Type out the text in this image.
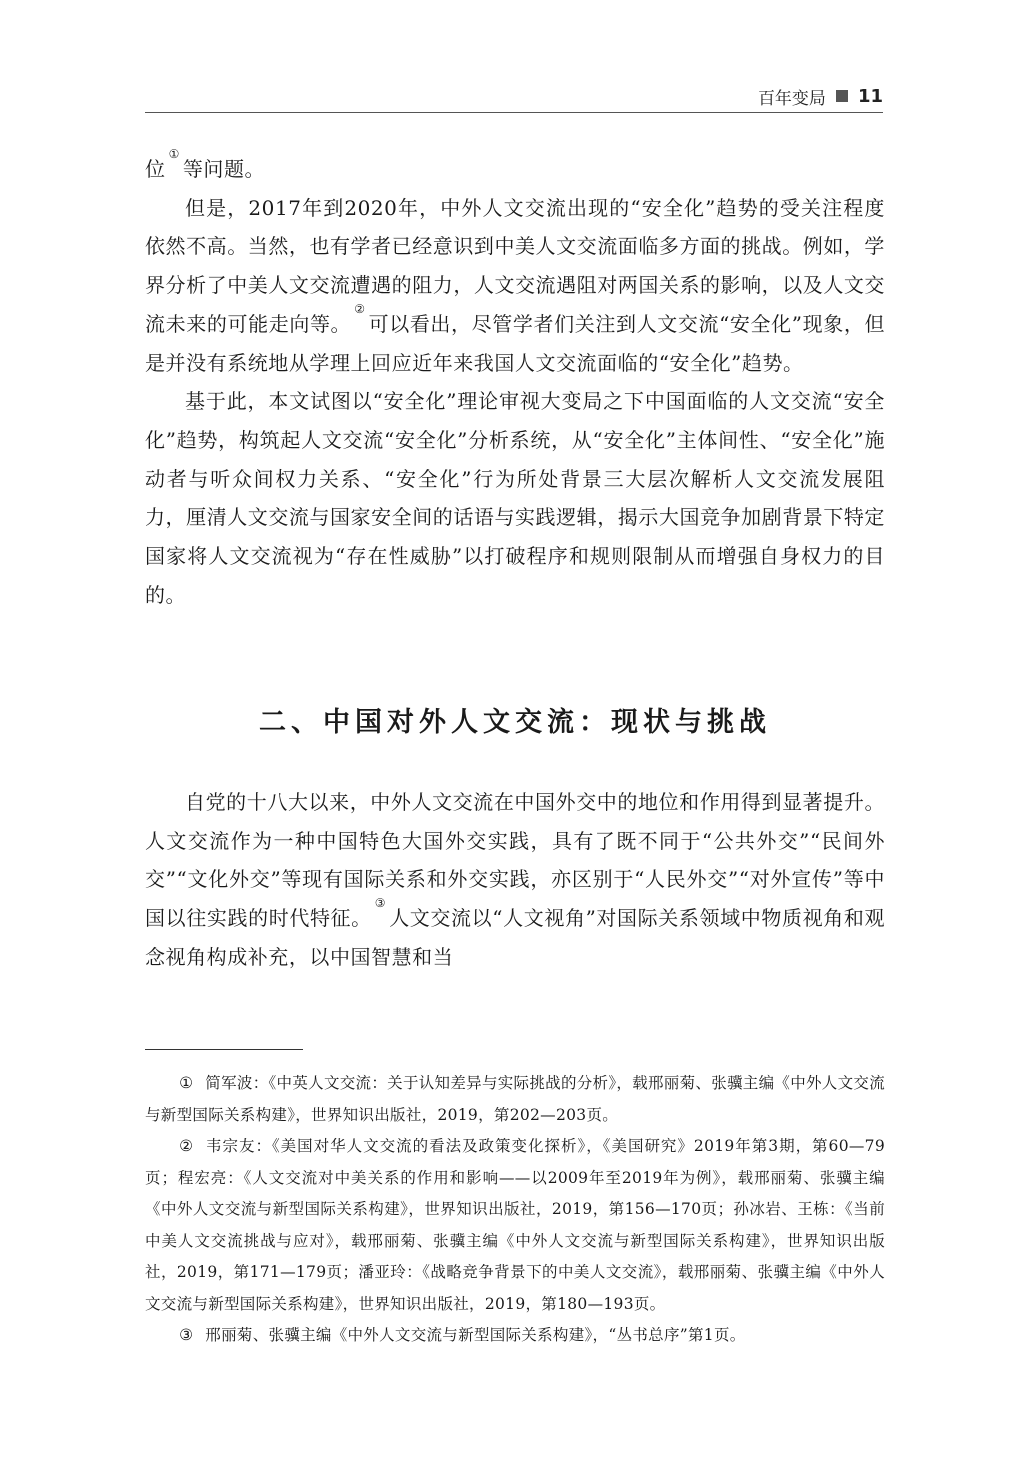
百年变局 11

位①等问题。

但是，2017年到2020年，中外人文交流出现的“安全化”趋势的受关注程度依然不高。当然，也有学者已经意识到中美人文交流面临多方面的挑战。例如，学界分析了中美人文交流遭遇的阻力，人文交流遇阻对两国关系的影响，以及人文交流未来的可能走向等。②可以看出，尽管学者们关注到人文交流“安全化”现象，但是并没有系统地从学理上回应近年来我国人文交流面临的“安全化”趋势。

基于此，本文试图以“安全化”理论审视大变局之下中国面临的人文交流“安全化”趋势，构筑起人文交流“安全化”分析系统，从“安全化”主体间性、“安全化”施动者与听众间权力关系、“安全化”行为所处背景三大层次解析人文交流发展阻力，厘清人文交流与国家安全间的话语与实践逻辑，揭示大国竞争加剧背景下特定国家将人文交流视为“存在性威胁”以打破程序和规则限制从而增强自身权力的目的。

二、中国对外人文交流：现状与挑战

自党的十八大以来，中外人文交流在中国外交中的地位和作用得到显著提升。人文交流作为一种中国特色大国外交实践，具有了既不同于“公共外交”“民间外交”“文化外交”等现有国际关系和外交实践，亦区别于“人民外交”“对外宣传”等中国以往实践的时代特征。③人文交流以“人文视角”对国际关系领域中物质视角和观念视角构成补充，以中国智慧和当

① 简军波：《中英人文交流：关于认知差异与实际挑战的分析》，载邢丽菊、张骥主编《中外人文交流与新型国际关系构建》，世界知识出版社，2019，第202—203页。

② 韦宗友：《美国对华人文交流的看法及政策变化探析》，《美国研究》2019年第3期，第60—79页；程宏亮：《人文交流对中美关系的作用和影响——以2009年至2019年为例》，载邢丽菊、张骥主编《中外人文交流与新型国际关系构建》，世界知识出版社，2019，第156—170页；孙冰岩、王栋：《当前中美人文交流挑战与应对》，载邢丽菊、张骥主编《中外人文交流与新型国际关系构建》，世界知识出版社，2019，第171—179页；潘亚玲：《战略竞争背景下的中美人文交流》，载邢丽菊、张骥主编《中外人文交流与新型国际关系构建》，世界知识出版社，2019，第180—193页。

③ 邢丽菊、张骥主编《中外人文交流与新型国际关系构建》，“丛书总序”第1页。
